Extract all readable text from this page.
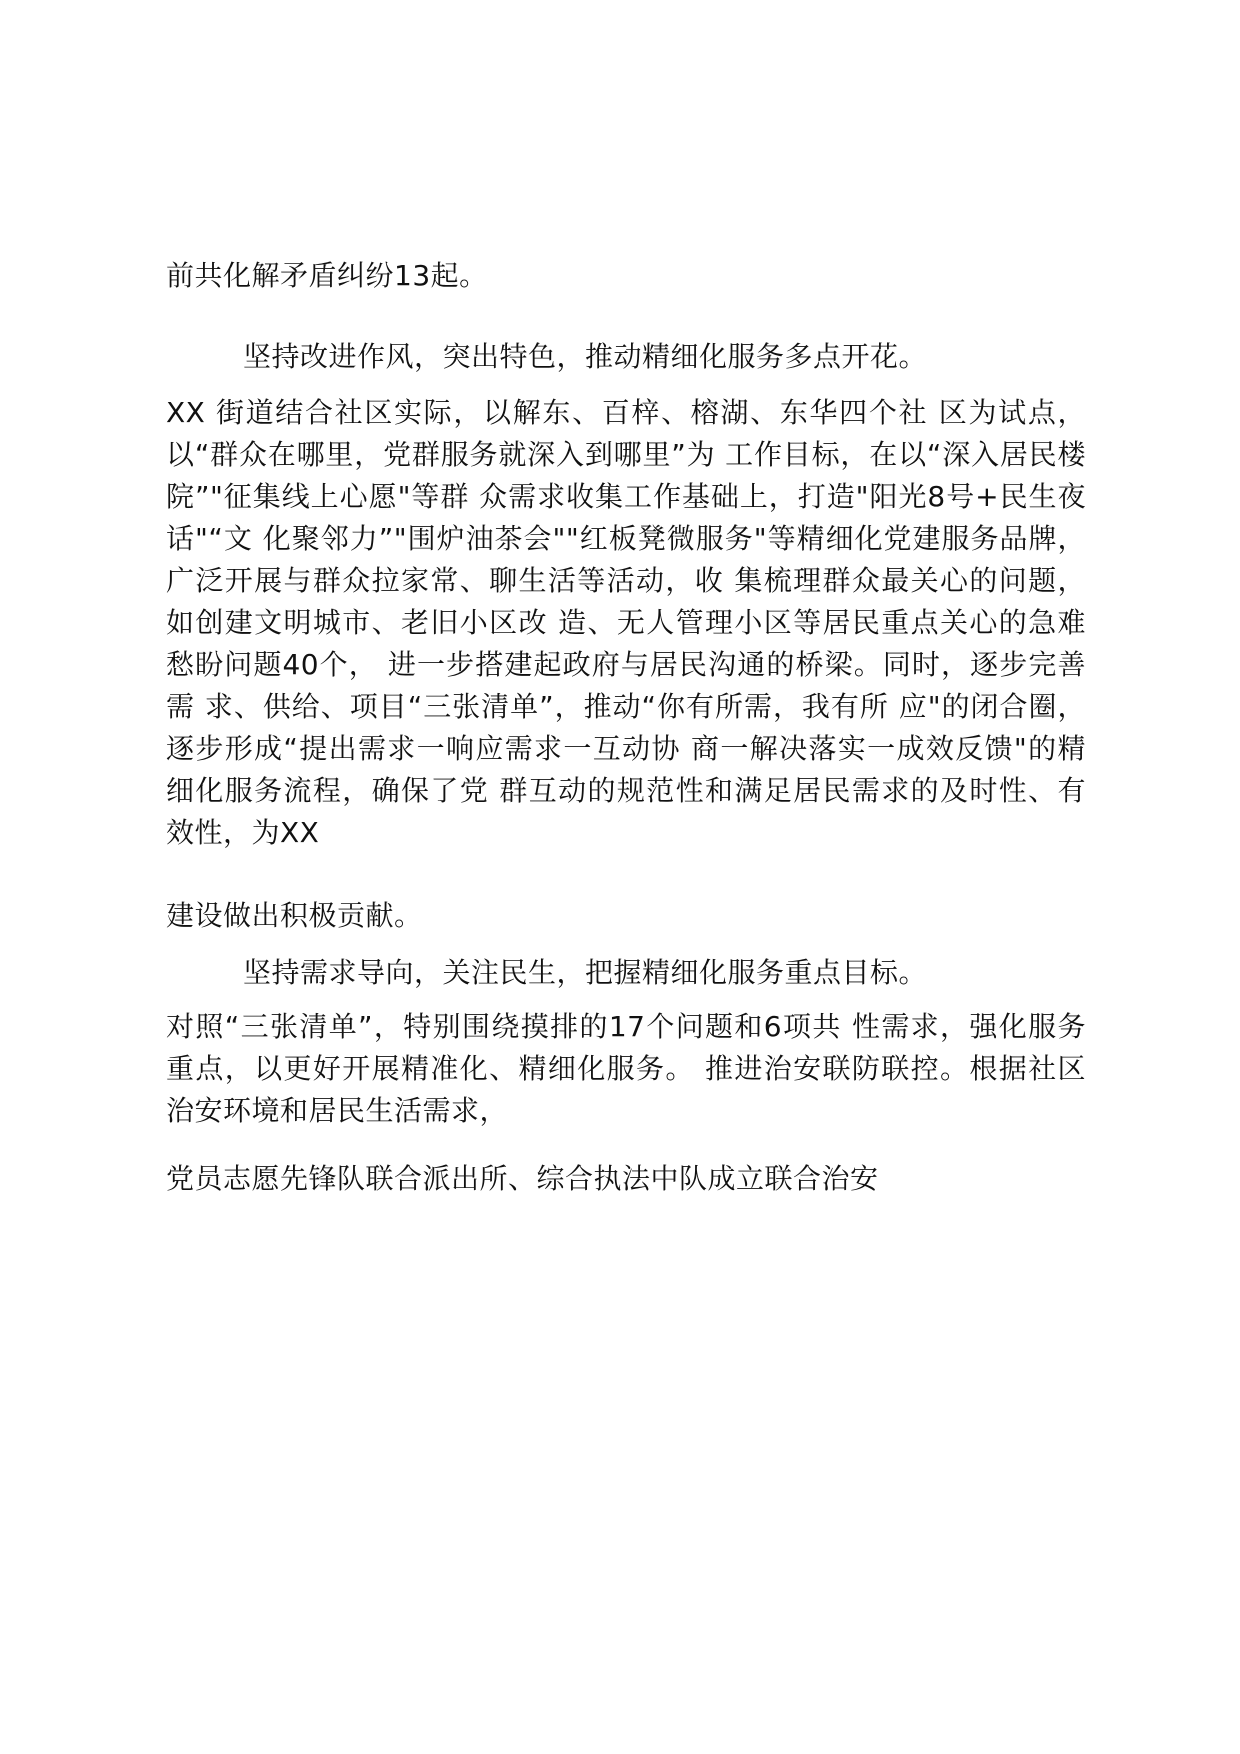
前共化解矛盾纠纷13起。

坚持改进作风，突出特色，推动精细化服务多点开花。

XX 街道结合社区实际，以解东、百梓、榕湖、东华四个社 区为试点，以“群众在哪里，党群服务就深入到哪里”为 工作目标，在以“深入居民楼院”"征集线上心愿"等群 众需求收集工作基础上，打造"阳光8号+民生夜话"“文 化聚邻力”"围炉油茶会""红板凳微服务"等精细化党建服务品牌，广泛开展与群众拉家常、聊生活等活动，收 集梳理群众最关心的问题，如创建文明城市、老旧小区改 造、无人管理小区等居民重点关心的急难愁盼问题40个， 进一步搭建起政府与居民沟通的桥梁。同时，逐步完善需 求、供给、项目“三张清单”，推动“你有所需，我有所 应"的闭合圈，逐步形成“提出需求一响应需求一互动协 商一解决落实一成效反馈"的精细化服务流程，确保了党 群互动的规范性和满足居民需求的及时性、有效性，为XX

建设做出积极贡献。

坚持需求导向，关注民生，把握精细化服务重点目标。

对照“三张清单”，特别围绕摸排的17个问题和6项共 性需求，强化服务重点，以更好开展精准化、精细化服务。 推进治安联防联控。根据社区治安环境和居民生活需求，

党员志愿先锋队联合派出所、综合执法中队成立联合治安
